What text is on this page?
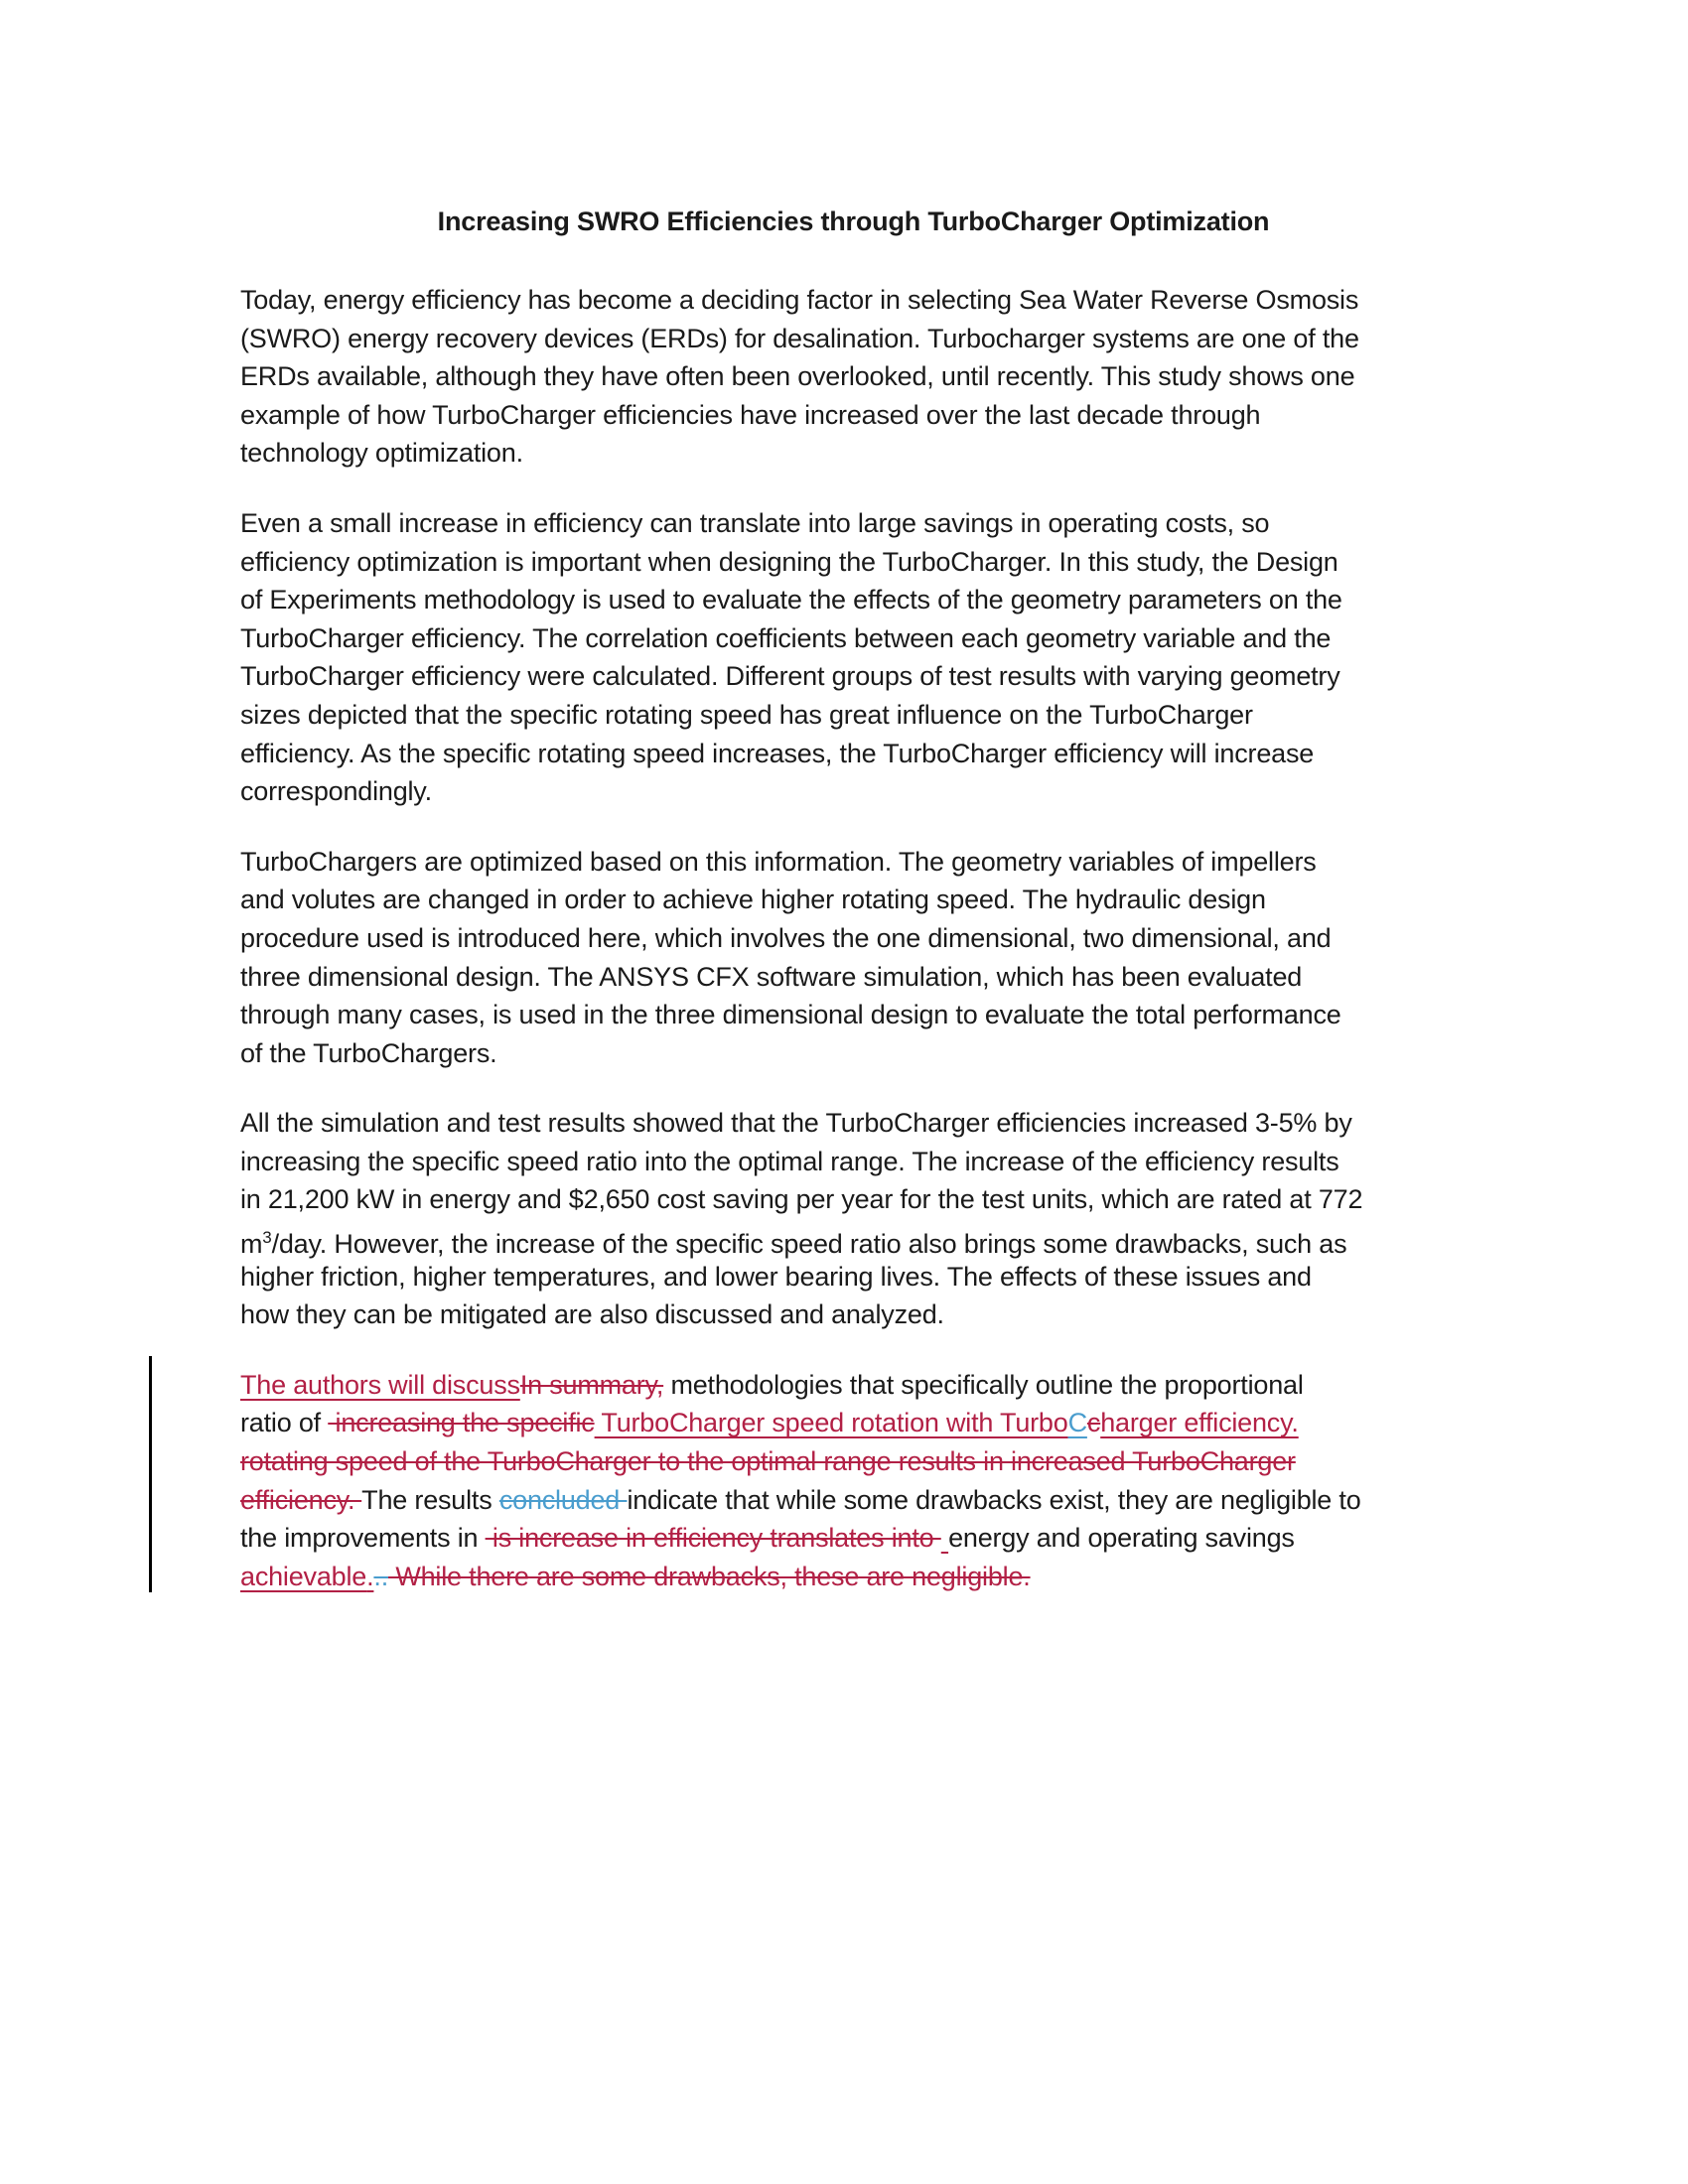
Increasing SWRO Efficiencies through TurboCharger Optimization
Today, energy efficiency has become a deciding factor in selecting Sea Water Reverse Osmosis
(SWRO) energy recovery devices (ERDs) for desalination. Turbocharger systems are one of the
ERDs available, although they have often been overlooked, until recently. This study shows one
example of how TurboCharger efficiencies have increased over the last decade through
technology optimization.
Even a small increase in efficiency can translate into large savings in operating costs, so
efficiency optimization is important when designing the TurboCharger. In this study, the Design
of Experiments methodology is used to evaluate the effects of the geometry parameters on the
TurboCharger efficiency. The correlation coefficients between each geometry variable and the
TurboCharger efficiency were calculated. Different groups of test results with varying geometry
sizes depicted that the specific rotating speed has great influence on the TurboCharger
efficiency. As the specific rotating speed increases, the TurboCharger efficiency will increase
correspondingly.
TurboChargers are optimized based on this information. The geometry variables of impellers
and volutes are changed in order to achieve higher rotating speed. The hydraulic design
procedure used is introduced here, which involves the one dimensional, two dimensional, and
three dimensional design. The ANSYS CFX software simulation, which has been evaluated
through many cases, is used in the three dimensional design to evaluate the total performance
of the TurboChargers.
All the simulation and test results showed that the TurboCharger efficiencies increased 3-5% by
increasing the specific speed ratio into the optimal range. The increase of the efficiency results
in 21,200 kW in energy and $2,650 cost saving per year for the test units, which are rated at 772
$m^3$/day. However, the increase of the specific speed ratio also brings some drawbacks, such as
higher friction, higher temperatures, and lower bearing lives. The effects of these issues and
how they can be mitigated are also discussed and analyzed.
The authors will discussIn summary, methodologies that specifically outline the proportional
ratio of  increasing the specific TurboCharger speed rotation with TurboCcharger efficiency.
rotating speed of the TurboCharger to the optimal range results in increased TurboCharger
efficiency. The results concluded indicate that while some drawbacks exist, they are negligible to
the improvements in  is increase in efficiency translates into  energy and operating savings
achievable... While there are some drawbacks, these are negligible.
